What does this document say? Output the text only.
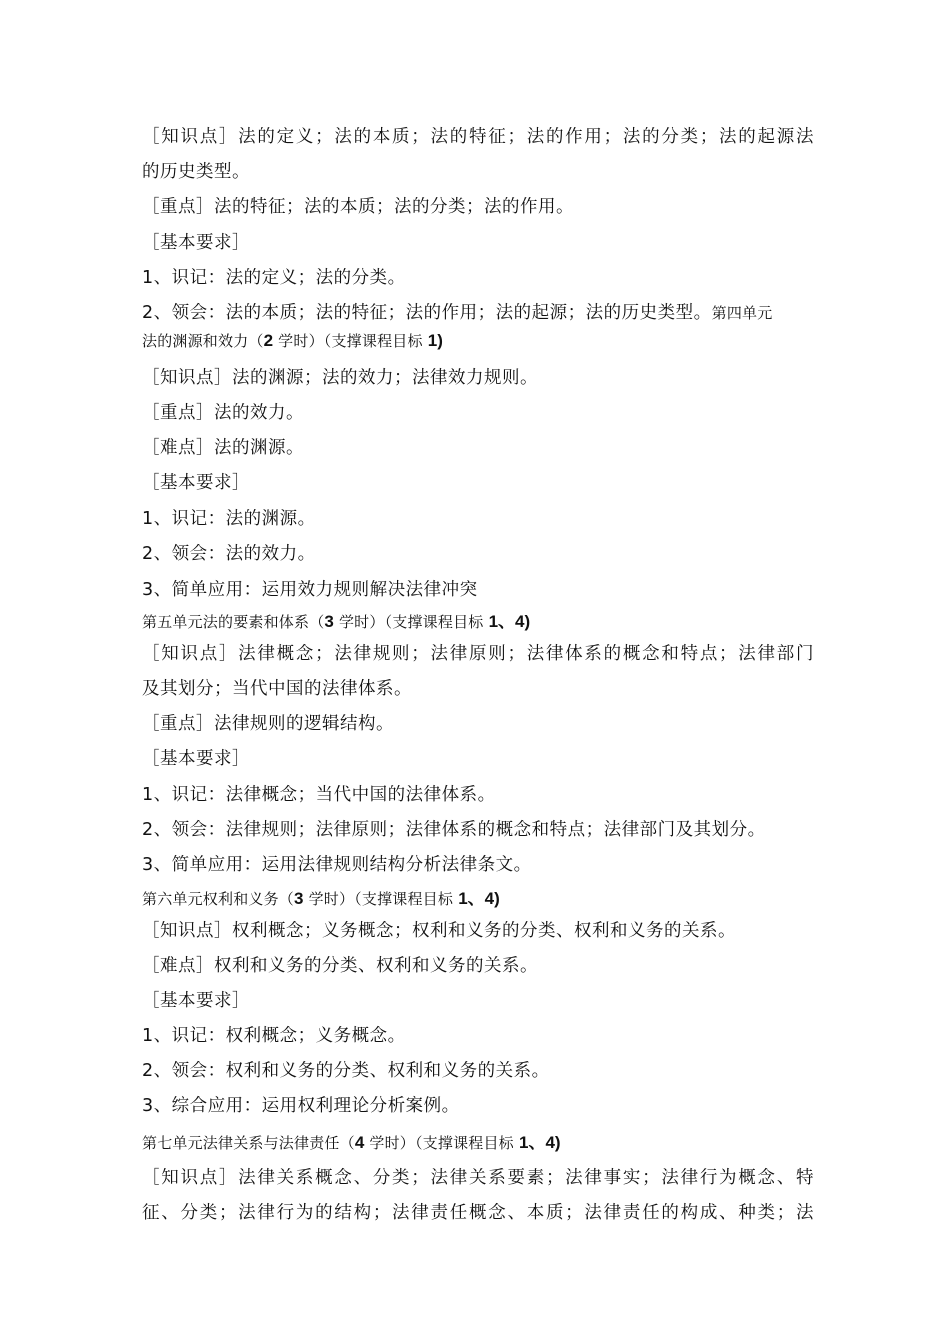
［知识点］法的定义；法的本质；法的特征；法的作用；法的分类；法的起源法
的历史类型。
［重点］法的特征；法的本质；法的分类；法的作用。
［基本要求］
1、识记：法的定义；法的分类。
2、领会：法的本质；法的特征；法的作用；法的起源；法的历史类型。第四单元
法的渊源和效力（2 学时）（支撑课程目标 1)
［知识点］法的渊源；法的效力；法律效力规则。
［重点］法的效力。
［难点］法的渊源。
［基本要求］
1、识记：法的渊源。
2、领会：法的效力。
3、简单应用：运用效力规则解决法律冲突
第五单元法的要素和体系（3 学时）（支撑课程目标 1、4)
［知识点］法律概念；法律规则；法律原则；法律体系的概念和特点；法律部门
及其划分；当代中国的法律体系。
［重点］法律规则的逻辑结构。
［基本要求］
1、识记：法律概念；当代中国的法律体系。
2、领会：法律规则；法律原则；法律体系的概念和特点；法律部门及其划分。
3、简单应用：运用法律规则结构分析法律条文。
第六单元权利和义务（3 学时）（支撑课程目标 1、4)
［知识点］权利概念；义务概念；权利和义务的分类、权利和义务的关系。
［难点］权利和义务的分类、权利和义务的关系。
［基本要求］
1、识记：权利概念；义务概念。
2、领会：权利和义务的分类、权利和义务的关系。
3、综合应用：运用权利理论分析案例。
第七单元法律关系与法律责任（4 学时）（支撑课程目标 1、4)
［知识点］法律关系概念、分类；法律关系要素；法律事实；法律行为概念、特
征、分类；法律行为的结构；法律责任概念、本质；法律责任的构成、种类；法
